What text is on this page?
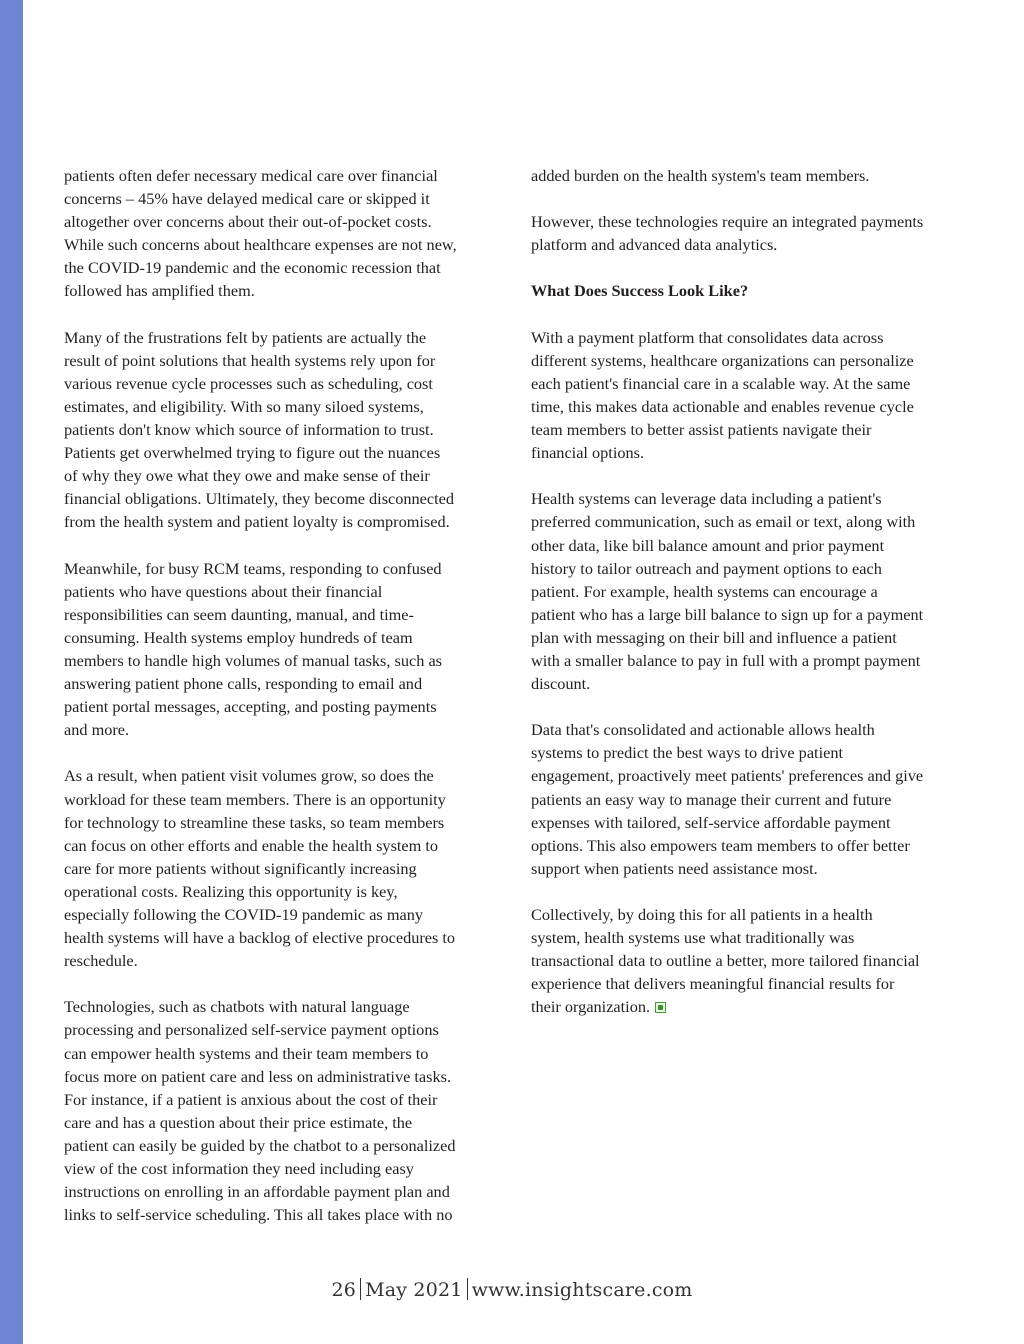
patients often defer necessary medical care over financial
concerns – 45% have delayed medical care or skipped it
altogether over concerns about their out-of-pocket costs.
While such concerns about healthcare expenses are not new,
the COVID-19 pandemic and the economic recession that
followed has amplified them.

Many of the frustrations felt by patients are actually the
result of point solutions that health systems rely upon for
various revenue cycle processes such as scheduling, cost
estimates, and eligibility. With so many siloed systems,
patients don't know which source of information to trust.
Patients get overwhelmed trying to figure out the nuances
of why they owe what they owe and make sense of their
financial obligations. Ultimately, they become disconnected
from the health system and patient loyalty is compromised.

Meanwhile, for busy RCM teams, responding to confused
patients who have questions about their financial
responsibilities can seem daunting, manual, and time-
consuming. Health systems employ hundreds of team
members to handle high volumes of manual tasks, such as
answering patient phone calls, responding to email and
patient portal messages, accepting, and posting payments
and more.

As a result, when patient visit volumes grow, so does the
workload for these team members. There is an opportunity
for technology to streamline these tasks, so team members
can focus on other efforts and enable the health system to
care for more patients without significantly increasing
operational costs. Realizing this opportunity is key,
especially following the COVID-19 pandemic as many
health systems will have a backlog of elective procedures to
reschedule.

Technologies, such as chatbots with natural language
processing and personalized self-service payment options
can empower health systems and their team members to
focus more on patient care and less on administrative tasks.
For instance, if a patient is anxious about the cost of their
care and has a question about their price estimate, the
patient can easily be guided by the chatbot to a personalized
view of the cost information they need including easy
instructions on enrolling in an affordable payment plan and
links to self-service scheduling. This all takes place with no

added burden on the health system's team members.

However, these technologies require an integrated payments
platform and advanced data analytics.

What Does Success Look Like?

With a payment platform that consolidates data across
different systems, healthcare organizations can personalize
each patient's financial care in a scalable way. At the same
time, this makes data actionable and enables revenue cycle
team members to better assist patients navigate their
financial options.

Health systems can leverage data including a patient's
preferred communication, such as email or text, along with
other data, like bill balance amount and prior payment
history to tailor outreach and payment options to each
patient. For example, health systems can encourage a
patient who has a large bill balance to sign up for a payment
plan with messaging on their bill and influence a patient
with a smaller balance to pay in full with a prompt payment
discount.

Data that's consolidated and actionable allows health
systems to predict the best ways to drive patient
engagement, proactively meet patients' preferences and give
patients an easy way to manage their current and future
expenses with tailored, self-service affordable payment
options. This also empowers team members to offer better
support when patients need assistance most.

Collectively, by doing this for all patients in a health
system, health systems use what traditionally was
transactional data to outline a better, more tailored financial
experience that delivers meaningful financial results for
their organization.

26 May 2021 www.insightscare.com
